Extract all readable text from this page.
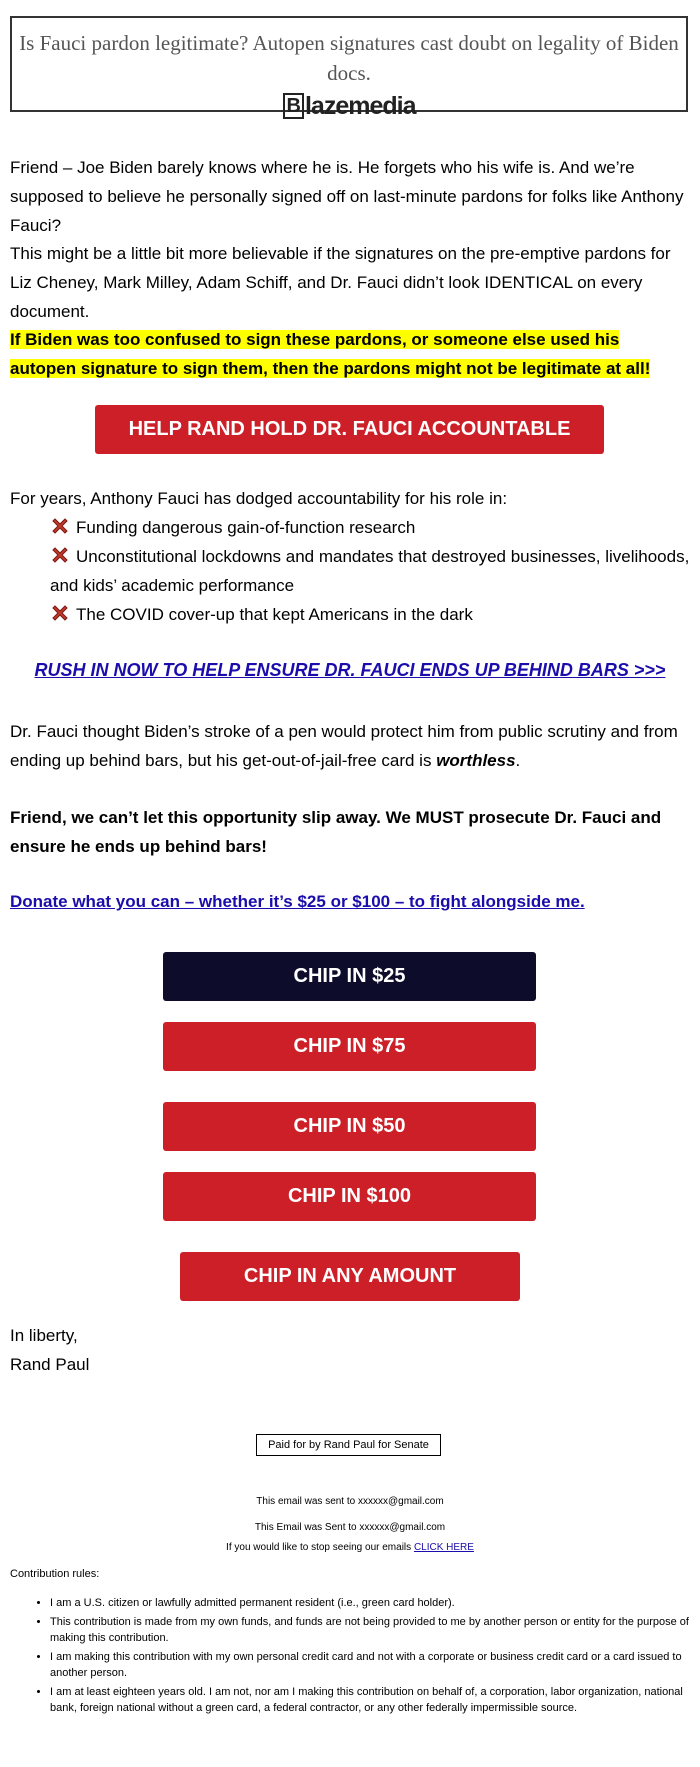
Is Fauci pardon legitimate? Autopen signatures cast doubt on legality of Biden docs.
B lazemedia

Friend – Joe Biden barely knows where he is. He forgets who his wife is. And we’re supposed to believe he personally signed off on last-minute pardons for folks like Anthony Fauci?

This might be a little bit more believable if the signatures on the pre-emptive pardons for Liz Cheney, Mark Milley, Adam Schiff, and Dr. Fauci didn’t look IDENTICAL on every document.

If Biden was too confused to sign these pardons, or someone else used his autopen signature to sign them, then the pardons might not be legitimate at all!

HELP RAND HOLD DR. FAUCI ACCOUNTABLE

For years, Anthony Fauci has dodged accountability for his role in:

Funding dangerous gain-of-function research
Unconstitutional lockdowns and mandates that destroyed businesses, livelihoods, and kids’ academic performance
The COVID cover-up that kept Americans in the dark
RUSH IN NOW TO HELP ENSURE DR. FAUCI ENDS UP BEHIND BARS >>>

Dr. Fauci thought Biden’s stroke of a pen would protect him from public scrutiny and from ending up behind bars, but his get-out-of-jail-free card is worthless.

Friend, we can’t let this opportunity slip away. We MUST prosecute Dr. Fauci and ensure he ends up behind bars!

Donate what you can – whether it’s $25 or $100 – to fight alongside me.
CHIP IN $25
CHIP IN $75
CHIP IN $50
CHIP IN $100
CHIP IN ANY AMOUNT

In liberty,

Rand Paul

Paid for by Rand Paul for Senate
This email was sent to xxxxxx@gmail.com
This Email was Sent to xxxxxx@gmail.com
If you would like to stop seeing our emails CLICK HERE
Contribution rules:
• I am a U.S. citizen or lawfully admitted permanent resident (i.e., green card holder).
• This contribution is made from my own funds, and funds are not being provided to me by another person or entity for the purpose of making this contribution.
• I am making this contribution with my own personal credit card and not with a corporate or business credit card or a card issued to another person.
• I am at least eighteen years old. I am not, nor am I making this contribution on behalf of, a corporation, labor organization, national bank, foreign national without a green card, a federal contractor, or any other federally impermissible source.
